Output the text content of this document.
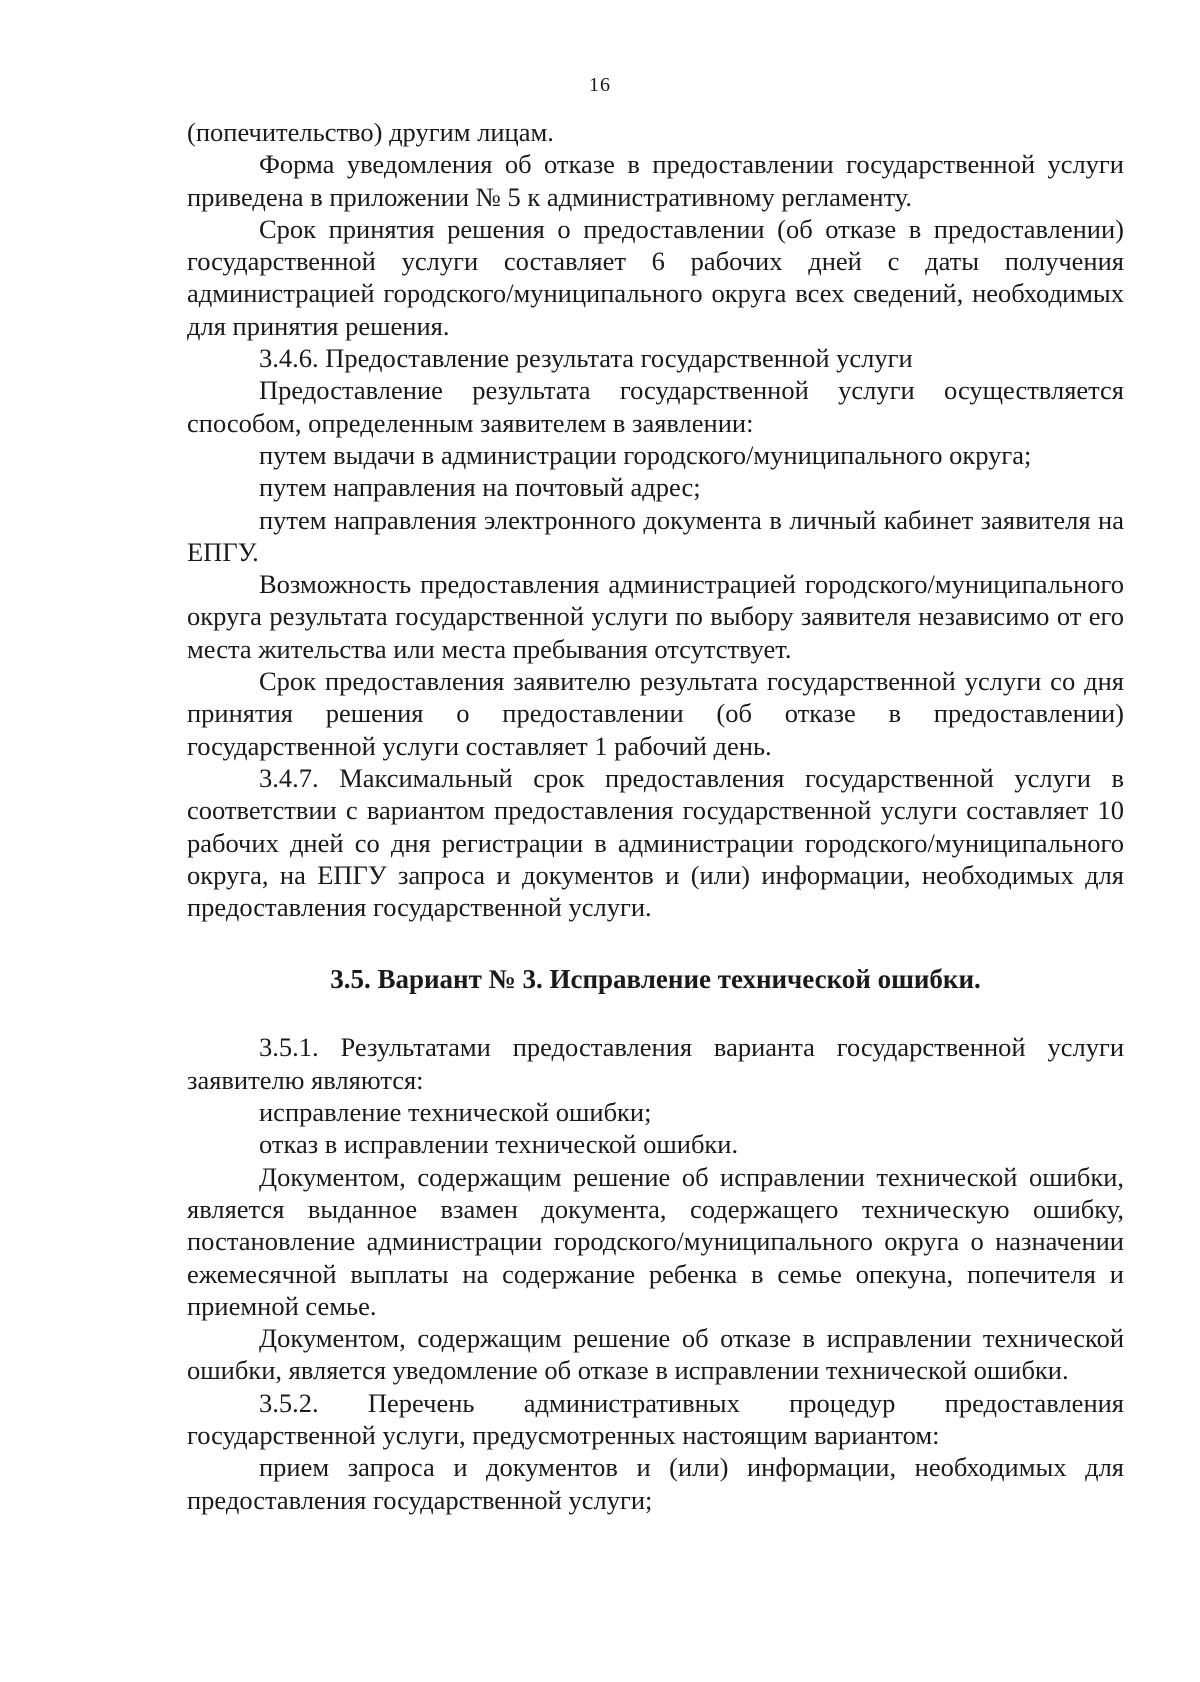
16

(попечительство) другим лицам.

Форма уведомления об отказе в предоставлении государственной услуги приведена в приложении № 5 к административному регламенту.

Срок принятия решения о предоставлении (об отказе в предоставлении) государственной услуги составляет 6 рабочих дней с даты получения администрацией городского/муниципального округа всех сведений, необходимых для принятия решения.

3.4.6. Предоставление результата государственной услуги

Предоставление результата государственной услуги осуществляется способом, определенным заявителем в заявлении:

путем выдачи в администрации городского/муниципального округа;

путем направления на почтовый адрес;

путем направления электронного документа в личный кабинет заявителя на ЕПГУ.

Возможность предоставления администрацией городского/муниципального округа результата государственной услуги по выбору заявителя независимо от его места жительства или места пребывания отсутствует.

Срок предоставления заявителю результата государственной услуги со дня принятия решения о предоставлении (об отказе в предоставлении) государственной услуги составляет 1 рабочий день.

3.4.7. Максимальный срок предоставления государственной услуги в соответствии с вариантом предоставления государственной услуги составляет 10 рабочих дней со дня регистрации в администрации городского/муниципального округа, на ЕПГУ запроса и документов и (или) информации, необходимых для предоставления государственной услуги.

3.5. Вариант № 3. Исправление технической ошибки.

3.5.1. Результатами предоставления варианта государственной услуги заявителю являются:

исправление технической ошибки;

отказ в исправлении технической ошибки.

Документом, содержащим решение об исправлении технической ошибки, является выданное взамен документа, содержащего техническую ошибку, постановление администрации городского/муниципального округа о назначении ежемесячной выплаты на содержание ребенка в семье опекуна, попечителя и приемной семье.

Документом, содержащим решение об отказе в исправлении технической ошибки, является уведомление об отказе в исправлении технической ошибки.

3.5.2. Перечень административных процедур предоставления государственной услуги, предусмотренных настоящим вариантом:

прием запроса и документов и (или) информации, необходимых для предоставления государственной услуги;
